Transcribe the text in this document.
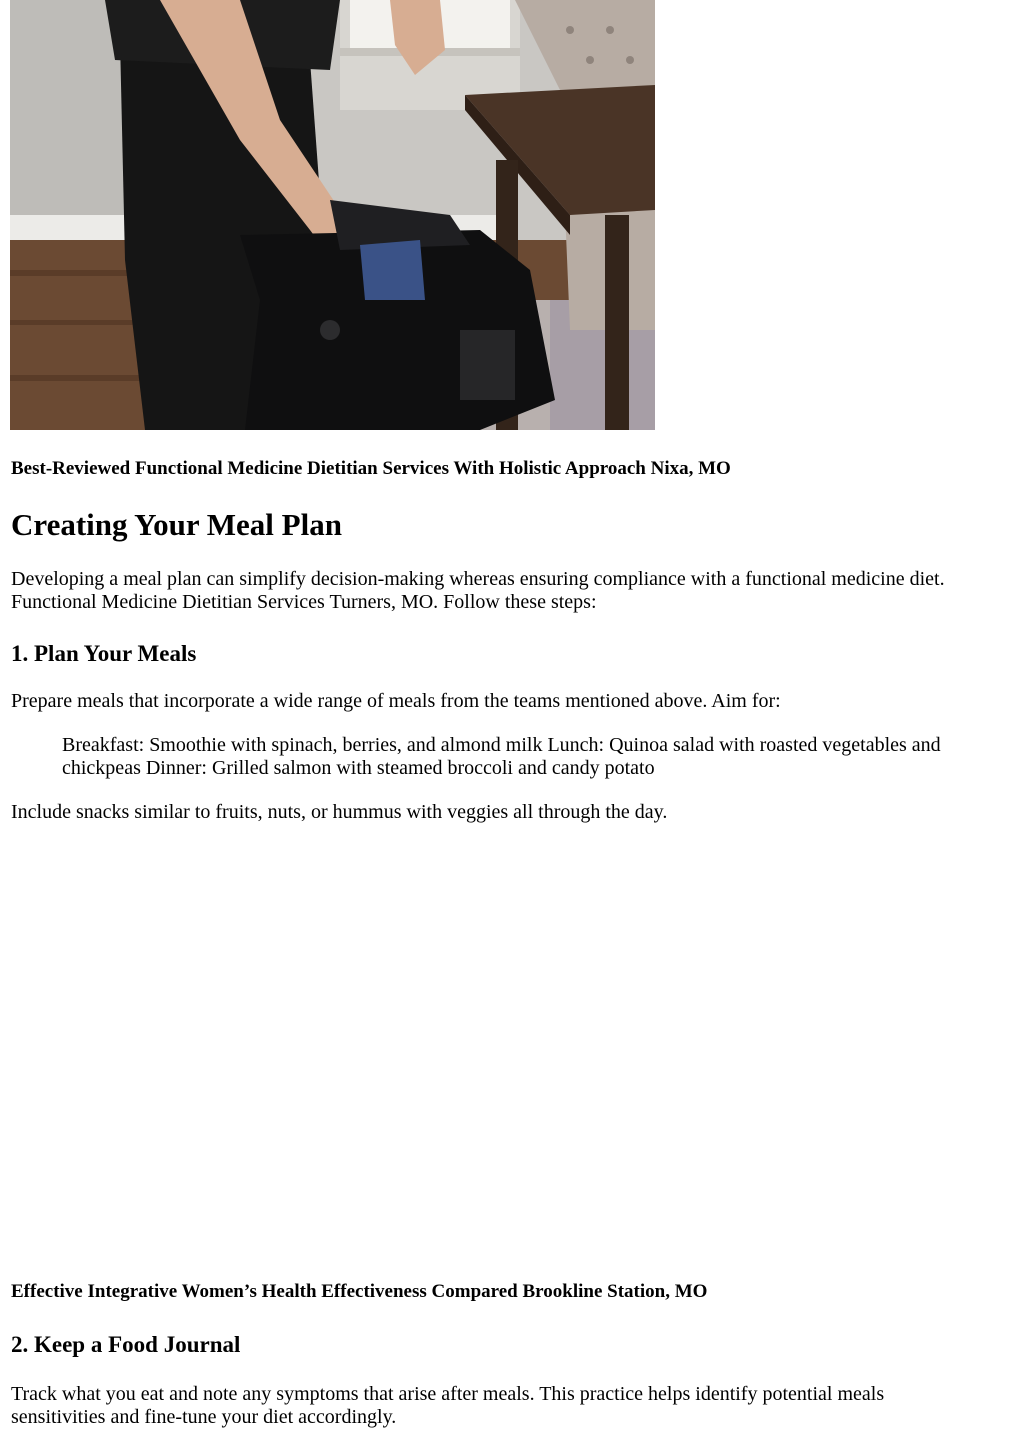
Best-Reviewed Functional Medicine Dietitian Services With Holistic Approach Nixa, MO

Creating Your Meal Plan

Developing a meal plan can simplify decision-making whereas ensuring compliance with a functional medicine diet. Functional Medicine Dietitian Services Turners, MO. Follow these steps:

1. Plan Your Meals

Prepare meals that incorporate a wide range of meals from the teams mentioned above. Aim for:

Breakfast: Smoothie with spinach, berries, and almond milk Lunch: Quinoa salad with roasted vegetables and chickpeas Dinner: Grilled salmon with steamed broccoli and candy potato

Include snacks similar to fruits, nuts, or hummus with veggies all through the day.

Effective Integrative Women’s Health Effectiveness Compared Brookline Station, MO

2. Keep a Food Journal

Track what you eat and note any symptoms that arise after meals. This practice helps identify potential meals sensitivities and fine-tune your diet accordingly.
